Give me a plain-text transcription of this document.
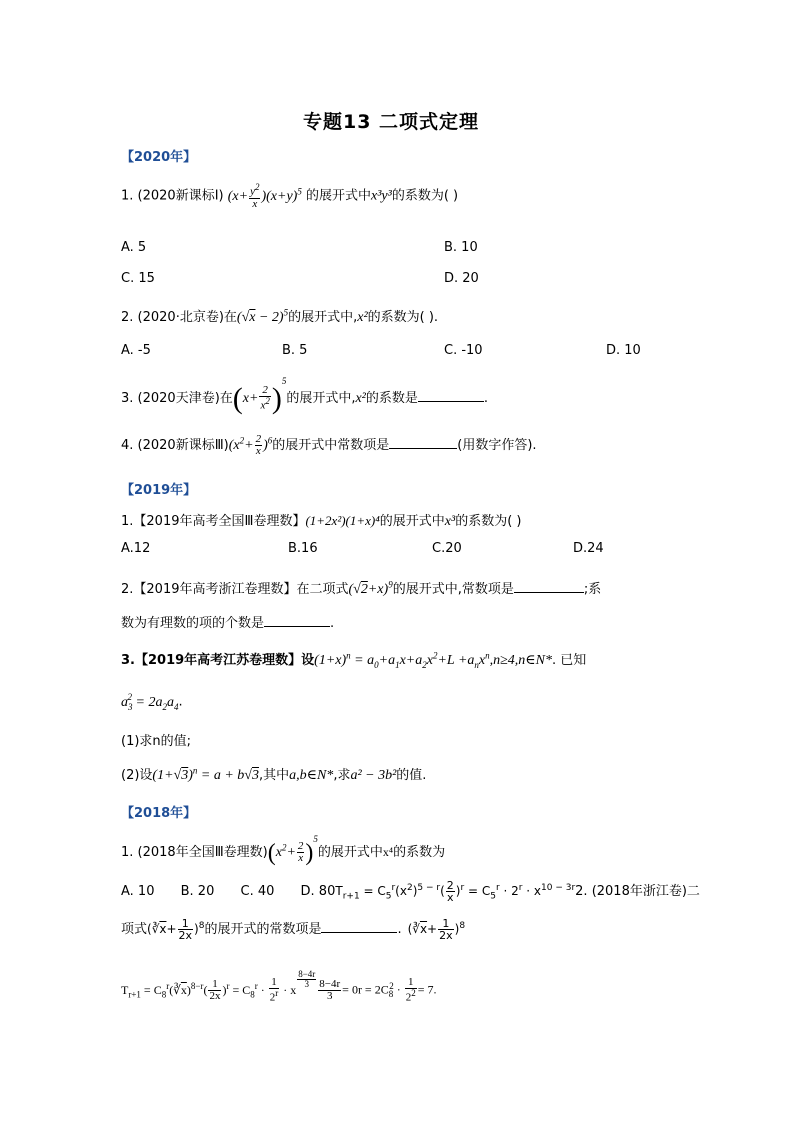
专题13 二项式定理
【2020年】
1. (2020新课标Ⅰ) $(x+ \frac{y^2}{x} )(x+y)^5$ 的展开式中x³y³的系数为( )
A. 5	B. 10
C. 15	D. 20
2. (2020·北京卷)在$(√x - 2)^5$的展开式中,x²的系数为( ).
A. -5	B. 5	C. -10	D. 10
3. (2020天津卷)在$(x+ \frac{2}{x^2} )^5$的展开式中,x²的系数是	.
4. (2020新课标$Ⅲ)(x^2+ \frac{2}{x} )^6$的展开式中常数项是	(用数字作答).
【2019年】
1.【2019年高考全国Ⅲ卷理数】(1+2x²)(1+x)⁴的展开式中x³的系数为( )
A.12	B.16	C.20	D.24
2.【2019年高考浙江卷理数】在二项式$(√2+x)^9$的展开式中,常数项是	;系
数为有理数的项的个数是	.
3.【2019年高考江苏卷理数】设$(1+x)^n = a_0+a_1x+a_2x^2+L$ $+a_nx^n,n\ge 4,n\in N*$. 已知
$a_3^2 = 2a_2a_4$.
(1)求n的值;
(2)设$(1+√3)^n = a + b√3$,其中a,b∈N*,求a² − 3b²的值.
【2018年】
1. (2018年全国Ⅲ卷理数)$(x^2+ \frac{2}{x} )^5$的展开式中x⁴的系数为
A. 10 B. 20 C. 40 D. $80T_{r+1} = C_5^r(x^2)^{5 - r}( \frac{2}{x} )^r = C_5^r \cdot 2^r \cdot x^{10 - 3r}2$. (2018年浙江卷)二
项式$(∛\overline{x}+ \frac{1}{2x} )^8$的展开式的常数项是	. $(∛\overline{x}+ \frac{1}{2x} )^8$
$T_{r+1}$ = $C_8^r(∛\overline{x})^{8-r}( \frac{1}{2x} )^r = C_8^r \cdot \frac{1}{2^r} \cdot x$
$^{\frac{8-4r}{3}} \frac{8-4r}{3} = 0r = 2C_8^2 \cdot \frac{1}{2^2} = 7$.
